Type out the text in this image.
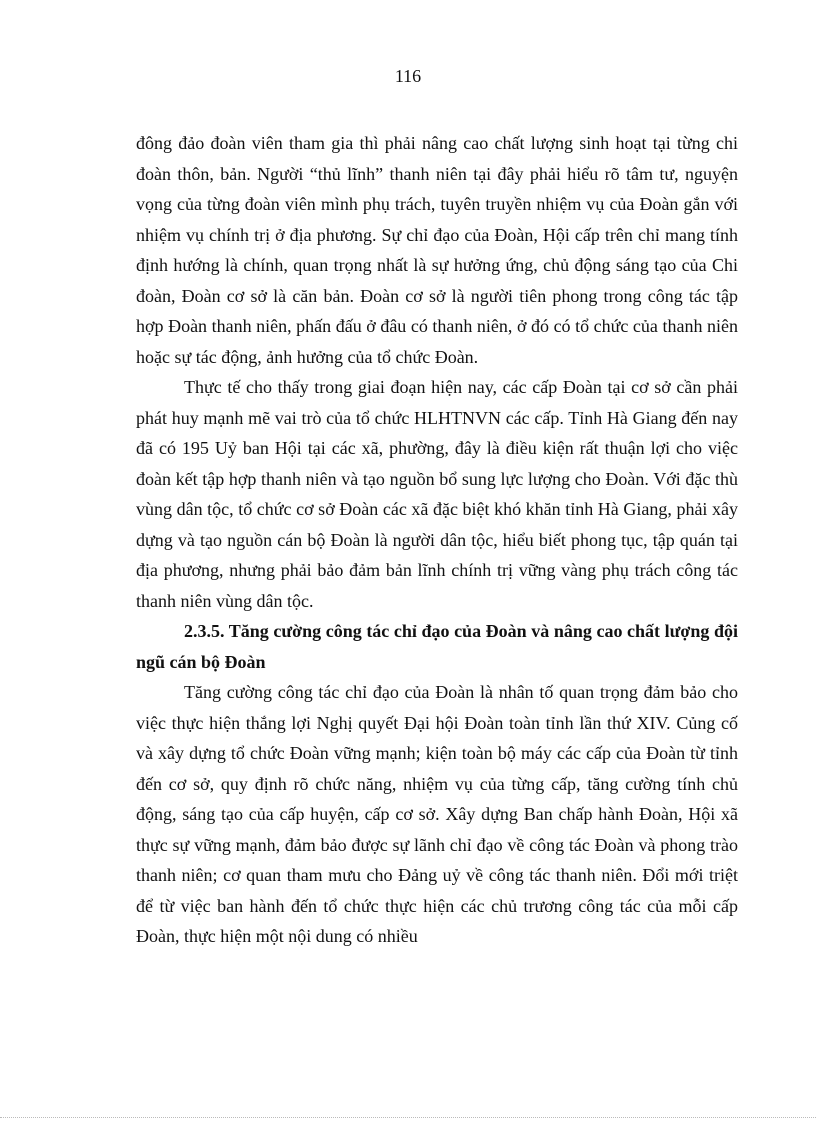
116

đông đảo đoàn viên tham gia thì phải nâng cao chất lượng sinh hoạt tại từng chi đoàn thôn, bản. Người “thủ lĩnh” thanh niên tại đây phải hiểu rõ tâm tư, nguyện vọng của từng đoàn viên mình phụ trách, tuyên truyền nhiệm vụ của Đoàn gắn với nhiệm vụ chính trị ở địa phương. Sự chỉ đạo của Đoàn, Hội cấp trên chỉ mang tính định hướng là chính, quan trọng nhất là sự hưởng ứng, chủ động sáng tạo của Chi đoàn, Đoàn cơ sở là căn bản. Đoàn cơ sở là người tiên phong trong công tác tập hợp Đoàn thanh niên, phấn đấu ở đâu có thanh niên, ở đó có tổ chức của thanh niên hoặc sự tác động, ảnh hưởng của tổ chức Đoàn.

Thực tế cho thấy trong giai đoạn hiện nay, các cấp Đoàn tại cơ sở cần phải phát huy mạnh mẽ vai trò của tổ chức HLHTNVN các cấp. Tỉnh Hà Giang đến nay đã có 195 Uỷ ban Hội tại các xã, phường, đây là điều kiện rất thuận lợi cho việc đoàn kết tập hợp thanh niên và tạo nguồn bổ sung lực lượng cho Đoàn. Với đặc thù vùng dân tộc, tổ chức cơ sở Đoàn các xã đặc biệt khó khăn tỉnh Hà Giang, phải xây dựng và tạo nguồn cán bộ Đoàn là người dân tộc, hiểu biết phong tục, tập quán tại địa phương, nhưng phải bảo đảm bản lĩnh chính trị vững vàng phụ trách công tác thanh niên vùng dân tộc.

2.3.5. Tăng cường công tác chỉ đạo của Đoàn và nâng cao chất lượng đội ngũ cán bộ Đoàn

Tăng cường công tác chỉ đạo của Đoàn là nhân tố quan trọng đảm bảo cho việc thực hiện thắng lợi Nghị quyết Đại hội Đoàn toàn tỉnh lần thứ XIV. Củng cố và xây dựng tổ chức Đoàn vững mạnh; kiện toàn bộ máy các cấp của Đoàn từ tỉnh đến cơ sở, quy định rõ chức năng, nhiệm vụ của từng cấp, tăng cường tính chủ động, sáng tạo của cấp huyện, cấp cơ sở. Xây dựng Ban chấp hành Đoàn, Hội xã thực sự vững mạnh, đảm bảo được sự lãnh chỉ đạo về công tác Đoàn và phong trào thanh niên; cơ quan tham mưu cho Đảng uỷ về công tác thanh niên. Đổi mới triệt để từ việc ban hành đến tổ chức thực hiện các chủ trương công tác của mỗi cấp Đoàn, thực hiện một nội dung có nhiều
